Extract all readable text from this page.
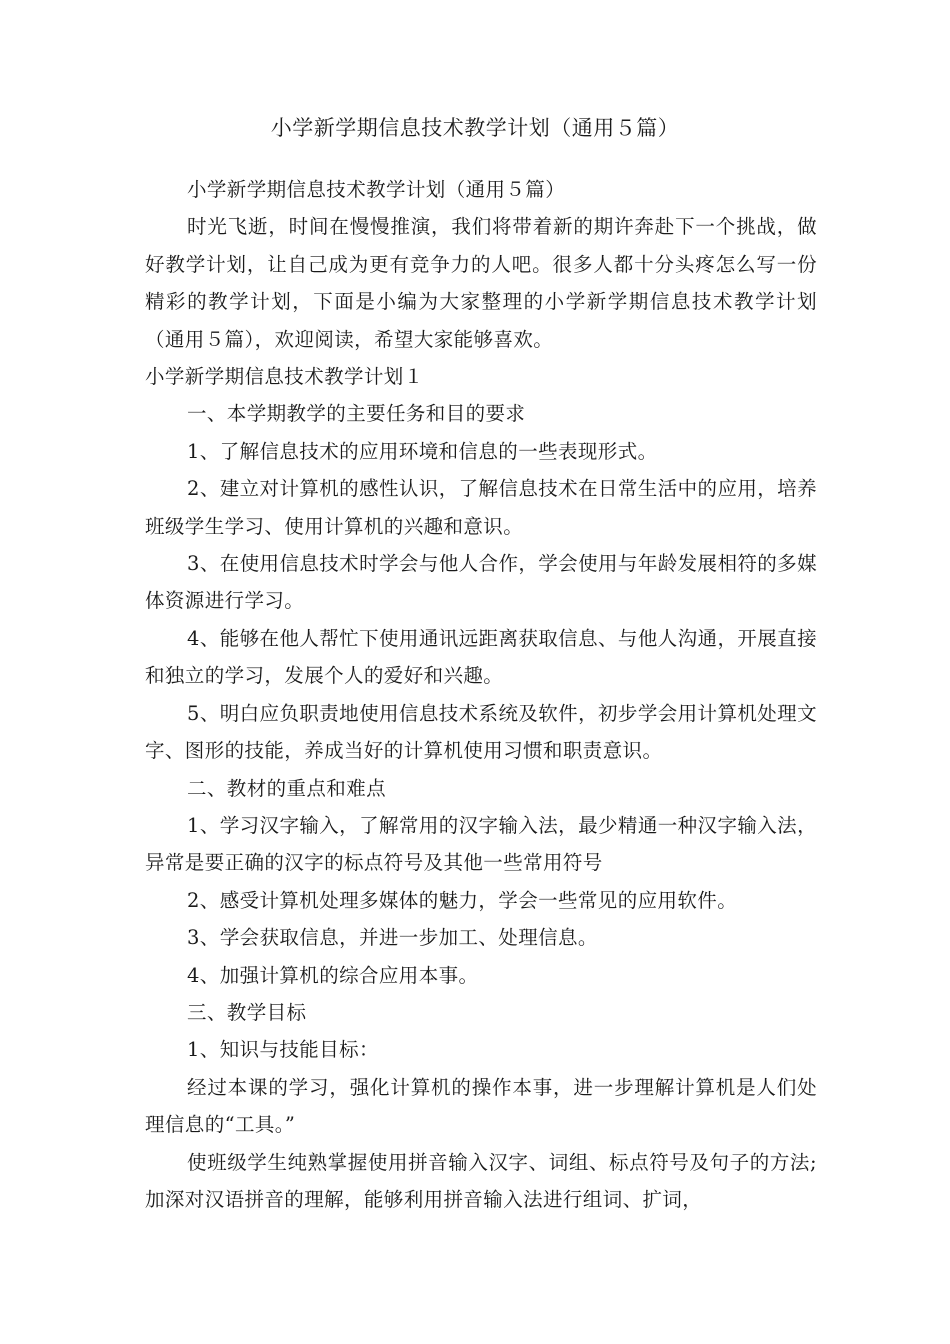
小学新学期信息技术教学计划（通用５篇）

小学新学期信息技术教学计划（通用５篇）

时光飞逝，时间在慢慢推演，我们将带着新的期许奔赴下一个挑战，做好教学计划，让自己成为更有竞争力的人吧。很多人都十分头疼怎么写一份精彩的教学计划，下面是小编为大家整理的小学新学期信息技术教学计划（通用５篇），欢迎阅读，希望大家能够喜欢。

小学新学期信息技术教学计划１

一、本学期教学的主要任务和目的要求

1、了解信息技术的应用环境和信息的一些表现形式。

2、建立对计算机的感性认识，了解信息技术在日常生活中的应用，培养班级学生学习、使用计算机的兴趣和意识。

3、在使用信息技术时学会与他人合作，学会使用与年龄发展相符的多媒体资源进行学习。

4、能够在他人帮忙下使用通讯远距离获取信息、与他人沟通，开展直接和独立的学习，发展个人的爱好和兴趣。

5、明白应负职责地使用信息技术系统及软件，初步学会用计算机处理文字、图形的技能，养成当好的计算机使用习惯和职责意识。

二、教材的重点和难点

1、学习汉字输入，了解常用的汉字输入法，最少精通一种汉字输入法，异常是要正确的汉字的标点符号及其他一些常用符号

2、感受计算机处理多媒体的魅力，学会一些常见的应用软件。

3、学会获取信息，并进一步加工、处理信息。

4、加强计算机的综合应用本事。

三、教学目标

1、知识与技能目标：

经过本课的学习，强化计算机的操作本事，进一步理解计算机是人们处理信息的“工具。”

使班级学生纯熟掌握使用拼音输入汉字、词组、标点符号及句子的方法;加深对汉语拼音的理解，能够利用拼音输入法进行组词、扩词，
